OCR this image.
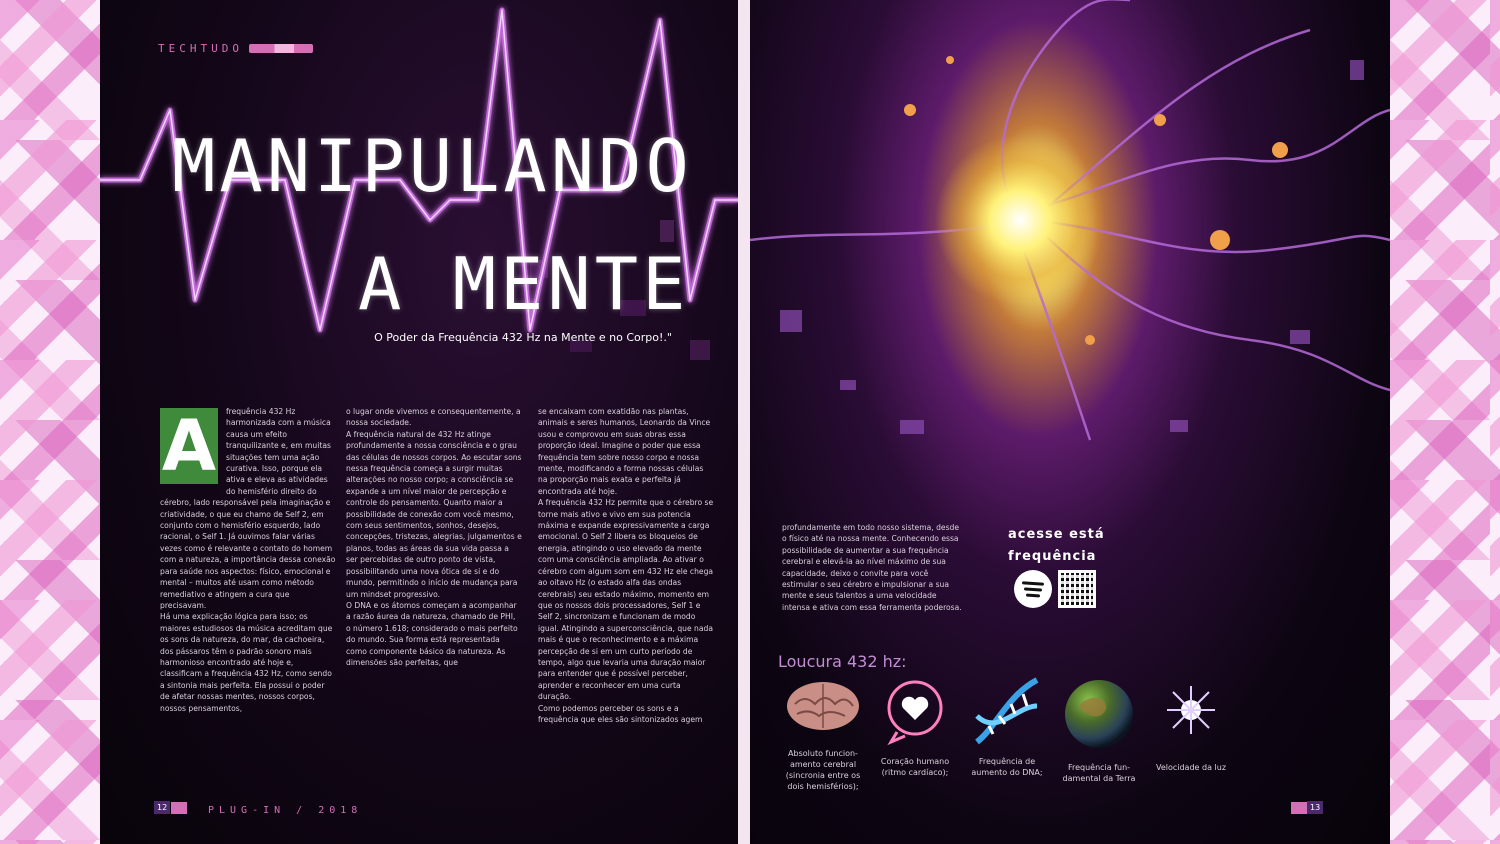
TECHTUDO
MANIPULANDO
A MENTE
O Poder da Frequência 432 Hz na Mente e no Corpo!."
A	frequência 432 Hz harmonizada com a música causa um efeito tranquilizante e, em muitas situações tem uma ação curativa. Isso, porque ela ativa e eleva as atividades do hemisfério direito do cérebro, lado responsável pela imaginação e criatividade, o que eu chamo de Self 2, em conjunto com o hemisfério esquerdo, lado racional, o Self 1. Já ouvimos falar várias vezes como é relevante o contato do homem com a natureza, a importância dessa conexão para saúde nos aspectos: físico, emocional e mental – muitos até usam como método remediativo e atingem a cura que precisavam.

Há uma explicação lógica para isso; os maiores estudiosos da música acreditam que os sons da natureza, do mar, da cachoeira, dos pássaros têm o padrão sonoro mais harmonioso encontrado até hoje e, classificam a frequência 432 Hz, como sendo a sintonia mais perfeita. Ela possui o poder de afetar nossas mentes, nossos corpos, nossos pensamentos,

o lugar onde vivemos e consequentemente, a nossa sociedade.

A frequência natural de 432 Hz atinge profundamente a nossa consciência e o grau das células de nossos corpos. Ao escutar sons nessa frequência começa a surgir muitas alterações no nosso corpo; a consciência se expande a um nível maior de percepção e controle do pensamento. Quanto maior a possibilidade de conexão com você mesmo, com seus sentimentos, sonhos, desejos, concepções, tristezas, alegrias, julgamentos e planos, todas as áreas da sua vida passa a ser percebidas de outro ponto de vista, possibilitando uma nova ótica de si e do mundo, permitindo o início de mudança para um mindset progressivo.

O DNA e os átomos começam a acompanhar a razão áurea da natureza, chamado de PHI, o número 1.618; considerado o mais perfeito do mundo. Sua forma está representada como componente básico da natureza. As dimensões são perfeitas, que

se encaixam com exatidão nas plantas, animais e seres humanos, Leonardo da Vince usou e comprovou em suas obras essa proporção ideal. Imagine o poder que essa frequência tem sobre nosso corpo e nossa mente, modificando a forma nossas células na proporção mais exata e perfeita já encontrada até hoje.

A frequência 432 Hz permite que o cérebro se torne mais ativo e vivo em sua potencia máxima e expande expressivamente a carga emocional. O Self 2 libera os bloqueios de energia, atingindo o uso elevado da mente com uma consciência ampliada. Ao ativar o cérebro com algum som em 432 Hz ele chega ao oitavo Hz (o estado alfa das ondas cerebrais) seu estado máximo, momento em que os nossos dois processadores, Self 1 e Self 2, sincronizam e funcionam de modo igual. Atingindo a superconsciência, que nada mais é que o reconhecimento e a máxima percepção de si em um curto período de tempo, algo que levaria uma duração maior para entender que é possível perceber, aprender e reconhecer em uma curta duração.

Como podemos perceber os sons e a frequência que eles são sintonizados agem

12	PLUG-IN / 2018
profundamente em todo nosso sistema, desde o físico até na nossa mente. Conhecendo essa possibilidade de aumentar a sua frequência cerebral e elevá-la ao nível máximo de sua capacidade, deixo o convite para você estimular o seu cérebro e impulsionar a sua mente e seus talentos a uma velocidade intensa e ativa com essa ferramenta poderosa.
acesse está
frequência
Loucura 432 hz:
Absoluto funcion-amento cerebral (sincronia entre os dois hemisférios);
Coração humano (ritmo cardíaco);
Frequência de aumento do DNA;
Frequência fun-damental da Terra
Velocidade da luz
13
